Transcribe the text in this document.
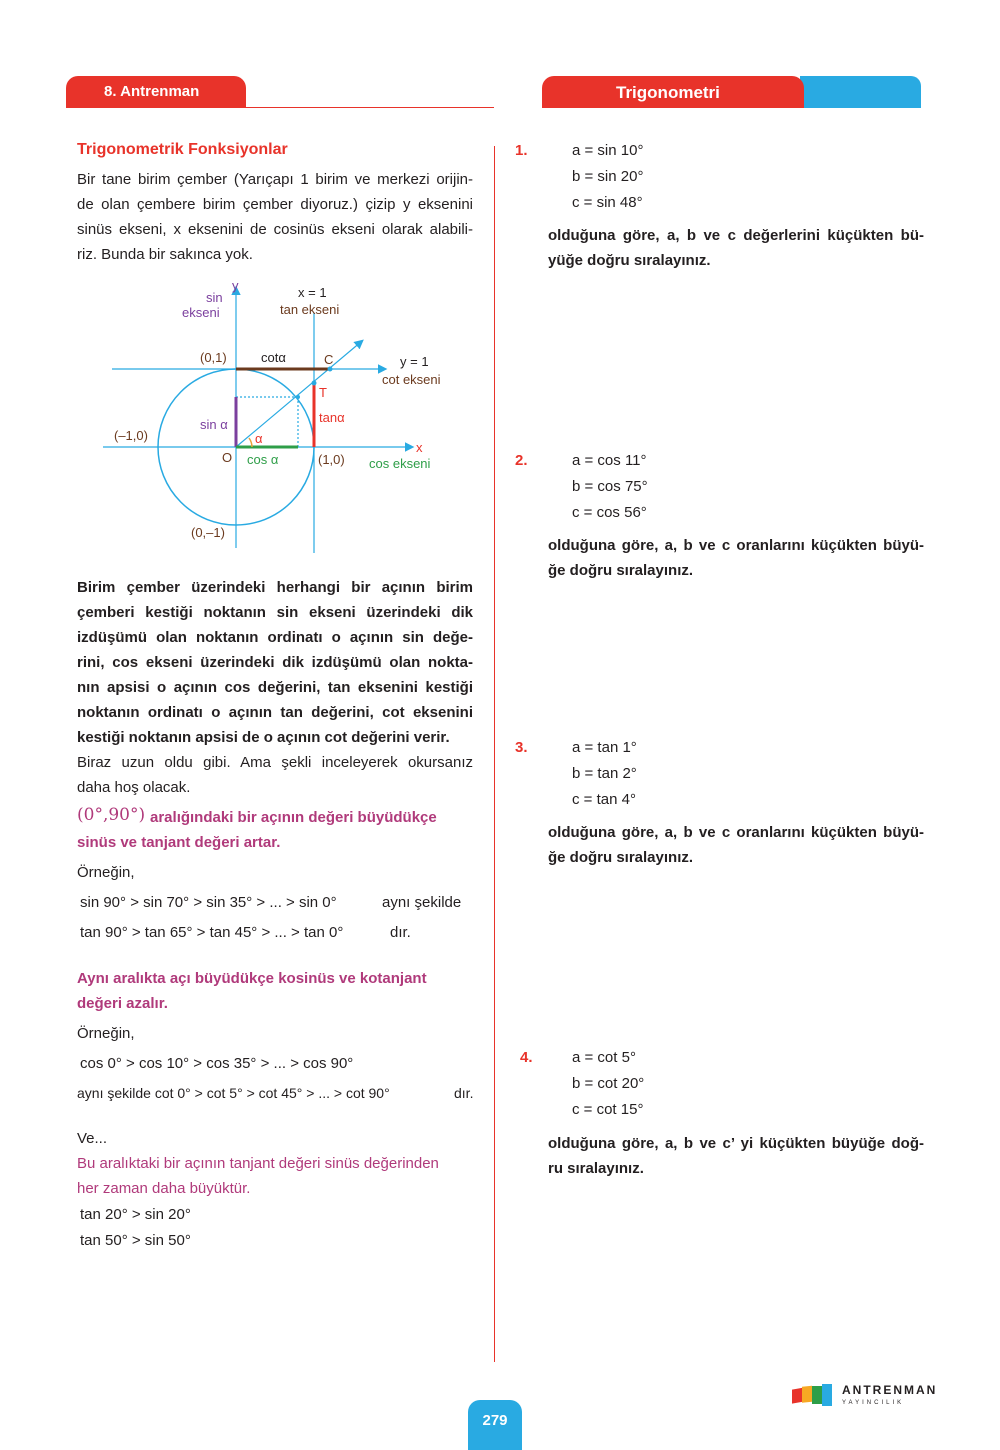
8. Antrenman	Trigonometri
Trigonometrik Fonksiyonlar
Bir tane birim çember (Yarıçapı 1 birim ve merkezi orijin-
de olan çembere birim çember diyoruz.) çizip y eksenini
sinüs ekseni, x eksenini de cosinüs ekseni olarak alabili-
riz. Bunda bir sakınca yok.
sin
ekseni
y	x = 1
tan ekseni
(0,1)	cotα	C	y = 1
cot ekseni
T
tanα
sin α
α
(–1,0)
O cos α	(1,0)
x
cos ekseni
(0,–1)
Birim çember üzerindeki herhangi bir açının birim
çemberi kestiği noktanın sin ekseni üzerindeki dik
izdüşümü olan noktanın ordinatı o açının sin değe-
rini, cos ekseni üzerindeki dik izdüşümü olan nokta-
nın apsisi o açının cos değerini, tan eksenini kestiği
noktanın ordinatı o açının tan değerini, cot eksenini
kestiği noktanın apsisi de o açının cot değerini verir.
Biraz uzun oldu gibi. Ama şekli inceleyerek okursanız
daha hoş olacak.
(0°,90°) aralığındaki bir açının değeri büyüdükçe
sinüs ve tanjant değeri artar.
Örneğin,
sin 90° > sin 70° > sin 35° > ... > sin 0°	aynı şekilde
tan 90° > tan 65° > tan 45° > ... > tan 0°	dır.
Aynı aralıkta açı büyüdükçe kosinüs ve kotanjant
değeri azalır.
Örneğin,
cos 0° > cos 10° > cos 35° > ... > cos 90°
aynı şekilde cot 0° > cot 5° > cot 45° > ... > cot 90°	dır.
Ve...
Bu aralıktaki bir açının tanjant değeri sinüs değerinden
her zaman daha büyüktür.
tan 20° > sin 20°
tan 50° > sin 50°
1.	a = sin 10°
b = sin 20°
c = sin 48°
olduğuna göre, a, b ve c değerlerini küçükten bü-
yüğe doğru sıralayınız.
2.	a = cos 11°
b = cos 75°
c = cos 56°
olduğuna göre, a, b ve c oranlarını küçükten büyü-
ğe doğru sıralayınız.
3.	a = tan 1°
b = tan 2°
c = tan 4°
olduğuna göre, a, b ve c oranlarını küçükten büyü-
ğe doğru sıralayınız.
4.	a = cot 5°
b = cot 20°
c = cot 15°
olduğuna göre, a, b ve c’ yi küçükten büyüğe doğ-
ru sıralayınız.
279
ANTRENMAN
YAYINCILIK
